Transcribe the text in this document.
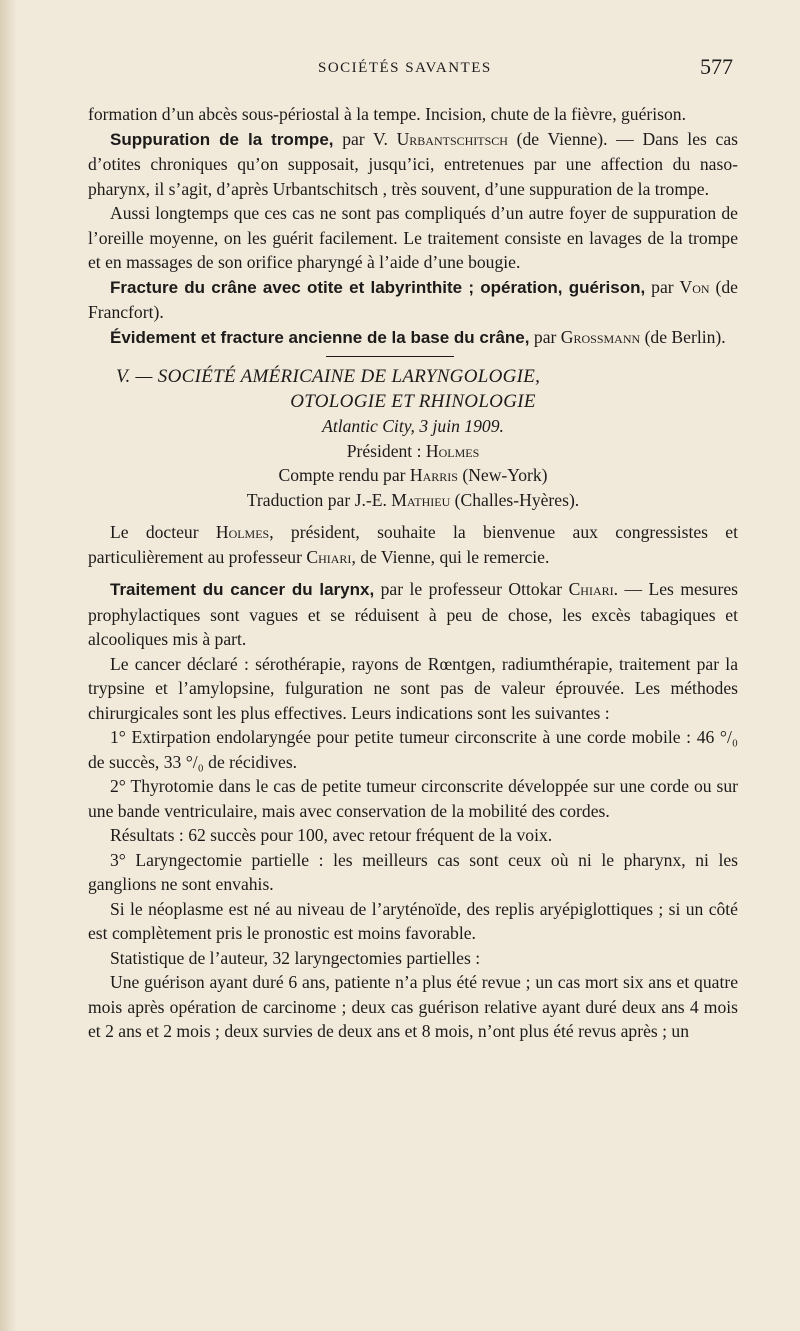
SOCIÉTÉS SAVANTES	577

formation d’un abcès sous-périostal à la tempe. Incision, chute de la fièvre, guérison.

Suppuration de la trompe, par V. Urbantschitsch (de Vienne). — Dans les cas d’otites chroniques qu’on supposait, jusqu’ici, entretenues par une affection du naso-pharynx, il s’agit, d’après Urbantschitsch , très souvent, d’une suppuration de la trompe.

Aussi longtemps que ces cas ne sont pas compliqués d’un autre foyer de suppuration de l’oreille moyenne, on les guérit facilement. Le traitement consiste en lavages de la trompe et en massages de son orifice pharyngé à l’aide d’une bougie.

Fracture du crâne avec otite et labyrinthite ; opération, guérison, par Von (de Francfort).

Évidement et fracture ancienne de la base du crâne, par Grossmann (de Berlin).

V. — SOCIÉTÉ AMÉRICAINE DE LARYNGOLOGIE,

OTOLOGIE ET RHINOLOGIE

Atlantic City, 3 juin 1909.

Président : Holmes

Compte rendu par Harris (New-York)

Traduction par J.-E. Mathieu (Challes-Hyères).

Le docteur Holmes, président, souhaite la bienvenue aux congressistes et particulièrement au professeur Chiari, de Vienne, qui le remercie.

Traitement du cancer du larynx, par le professeur Ottokar Chiari. — Les mesures prophylactiques sont vagues et se réduisent à peu de chose, les excès tabagiques et alcooliques mis à part.

Le cancer déclaré : sérothérapie, rayons de Rœntgen, radiumthérapie, traitement par la trypsine et l’amylopsine, fulguration ne sont pas de valeur éprouvée. Les méthodes chirurgicales sont les plus effectives. Leurs indications sont les suivantes :

1° Extirpation endolaryngée pour petite tumeur circonscrite à une corde mobile : 46 °/₀ de succès, 33 °/₀ de récidives.

2° Thyrotomie dans le cas de petite tumeur circonscrite développée sur une corde ou sur une bande ventriculaire, mais avec conservation de la mobilité des cordes.

Résultats : 62 succès pour 100, avec retour fréquent de la voix.

3° Laryngectomie partielle : les meilleurs cas sont ceux où ni le pharynx, ni les ganglions ne sont envahis.

Si le néoplasme est né au niveau de l’aryténoïde, des replis aryépiglottiques ; si un côté est complètement pris le pronostic est moins favorable.

Statistique de l’auteur, 32 laryngectomies partielles :

Une guérison ayant duré 6 ans, patiente n’a plus été revue ; un cas mort six ans et quatre mois après opération de carcinome ; deux cas guérison relative ayant duré deux ans 4 mois et 2 ans et 2 mois ; deux survies de deux ans et 8 mois, n’ont plus été revus après ; un
